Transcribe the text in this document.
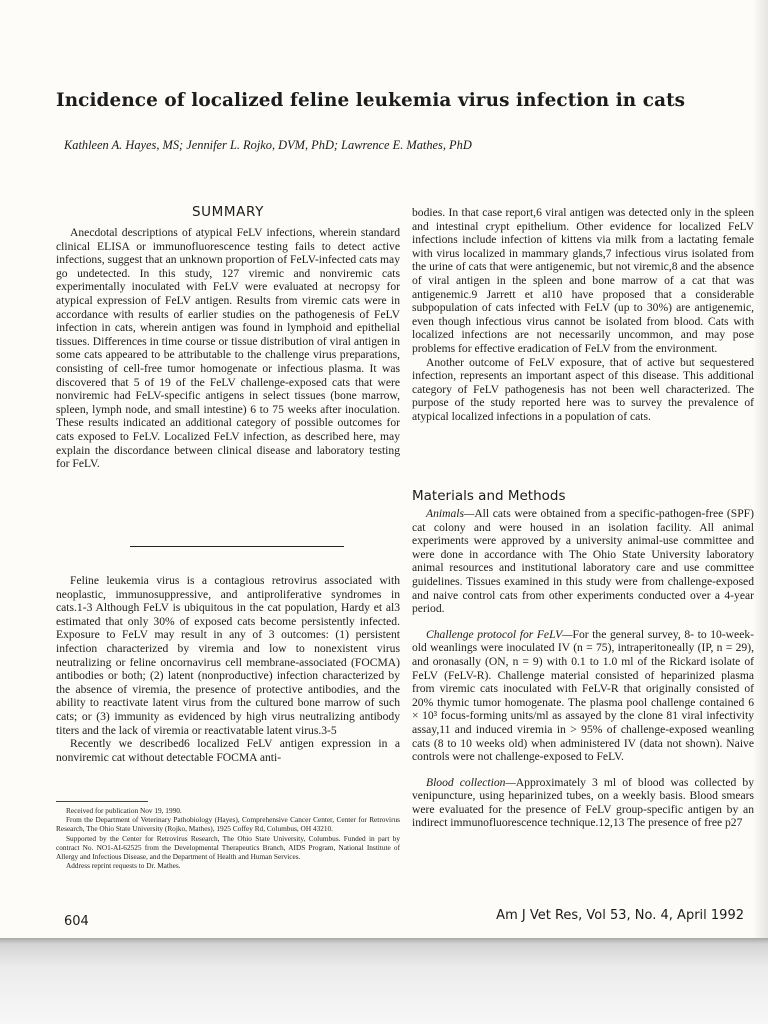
Incidence of localized feline leukemia virus infection in cats
Kathleen A. Hayes, MS; Jennifer L. Rojko, DVM, PhD; Lawrence E. Mathes, PhD
SUMMARY

Anecdotal descriptions of atypical FeLV infections, wherein standard clinical ELISA or immunofluorescence testing fails to detect active infections, suggest that an unknown proportion of FeLV-infected cats may go undetected. In this study, 127 viremic and nonviremic cats experimentally inoculated with FeLV were evaluated at necropsy for atypical expression of FeLV antigen. Results from viremic cats were in accordance with results of earlier studies on the pathogenesis of FeLV infection in cats, wherein antigen was found in lymphoid and epithelial tissues. Differences in time course or tissue distribution of viral antigen in some cats appeared to be attributable to the challenge virus preparations, consisting of cell-free tumor homogenate or infectious plasma. It was discovered that 5 of 19 of the FeLV challenge-exposed cats that were nonviremic had FeLV-specific antigens in select tissues (bone marrow, spleen, lymph node, and small intestine) 6 to 75 weeks after inoculation. These results indicated an additional category of possible outcomes for cats exposed to FeLV. Localized FeLV infection, as described here, may explain the discordance between clinical disease and laboratory testing for FeLV.

Feline leukemia virus is a contagious retrovirus associated with neoplastic, immunosuppressive, and antiproliferative syndromes in cats.1-3 Although FeLV is ubiquitous in the cat population, Hardy et al3 estimated that only 30% of exposed cats become persistently infected. Exposure to FeLV may result in any of 3 outcomes: (1) persistent infection characterized by viremia and low to nonexistent virus neutralizing or feline oncornavirus cell membrane-associated (FOCMA) antibodies or both; (2) latent (nonproductive) infection characterized by the absence of viremia, the presence of protective antibodies, and the ability to reactivate latent virus from the cultured bone marrow of such cats; or (3) immunity as evidenced by high virus neutralizing antibody titers and the lack of viremia or reactivatable latent virus.3-5

Recently we described6 localized FeLV antigen expression in a nonviremic cat without detectable FOCMA anti-

Received for publication Nov 19, 1990.

From the Department of Veterinary Pathobiology (Hayes), Comprehensive Cancer Center, Center for Retrovirus Research, The Ohio State University (Rojko, Mathes), 1925 Coffey Rd, Columbus, OH 43210.

Supported by the Center for Retrovirus Research, The Ohio State University, Columbus. Funded in part by contract No. NO1-AI-62525 from the Developmental Therapeutics Branch, AIDS Program, National Institute of Allergy and Infectious Disease, and the Department of Health and Human Services.

Address reprint requests to Dr. Mathes.

bodies. In that case report,6 viral antigen was detected only in the spleen and intestinal crypt epithelium. Other evidence for localized FeLV infections include infection of kittens via milk from a lactating female with virus localized in mammary glands,7 infectious virus isolated from the urine of cats that were antigenemic, but not viremic,8 and the absence of viral antigen in the spleen and bone marrow of a cat that was antigenemic.9 Jarrett et al10 have proposed that a considerable subpopulation of cats infected with FeLV (up to 30%) are antigenemic, even though infectious virus cannot be isolated from blood. Cats with localized infections are not necessarily uncommon, and may pose problems for effective eradication of FeLV from the environment.

Another outcome of FeLV exposure, that of active but sequestered infection, represents an important aspect of this disease. This additional category of FeLV pathogenesis has not been well characterized. The purpose of the study reported here was to survey the prevalence of atypical localized infections in a population of cats.

Materials and Methods

Animals—All cats were obtained from a specific-pathogen-free (SPF) cat colony and were housed in an isolation facility. All animal experiments were approved by a university animal-use committee and were done in accordance with The Ohio State University laboratory animal resources and institutional laboratory care and use committee guidelines. Tissues examined in this study were from challenge-exposed and naive control cats from other experiments conducted over a 4-year period.

Challenge protocol for FeLV—For the general survey, 8- to 10-week-old weanlings were inoculated IV (n = 75), intraperitoneally (IP, n = 29), and oronasally (ON, n = 9) with 0.1 to 1.0 ml of the Rickard isolate of FeLV (FeLV-R). Challenge material consisted of heparinized plasma from viremic cats inoculated with FeLV-R that originally consisted of 20% thymic tumor homogenate. The plasma pool challenge contained 6 × 10³ focus-forming units/ml as assayed by the clone 81 viral infectivity assay,11 and induced viremia in > 95% of challenge-exposed weanling cats (8 to 10 weeks old) when administered IV (data not shown). Naive controls were not challenge-exposed to FeLV.

Blood collection—Approximately 3 ml of blood was collected by venipuncture, using heparinized tubes, on a weekly basis. Blood smears were evaluated for the presence of FeLV group-specific antigen by an indirect immunofluorescence technique.12,13 The presence of free p27

604	Am J Vet Res, Vol 53, No. 4, April 1992
